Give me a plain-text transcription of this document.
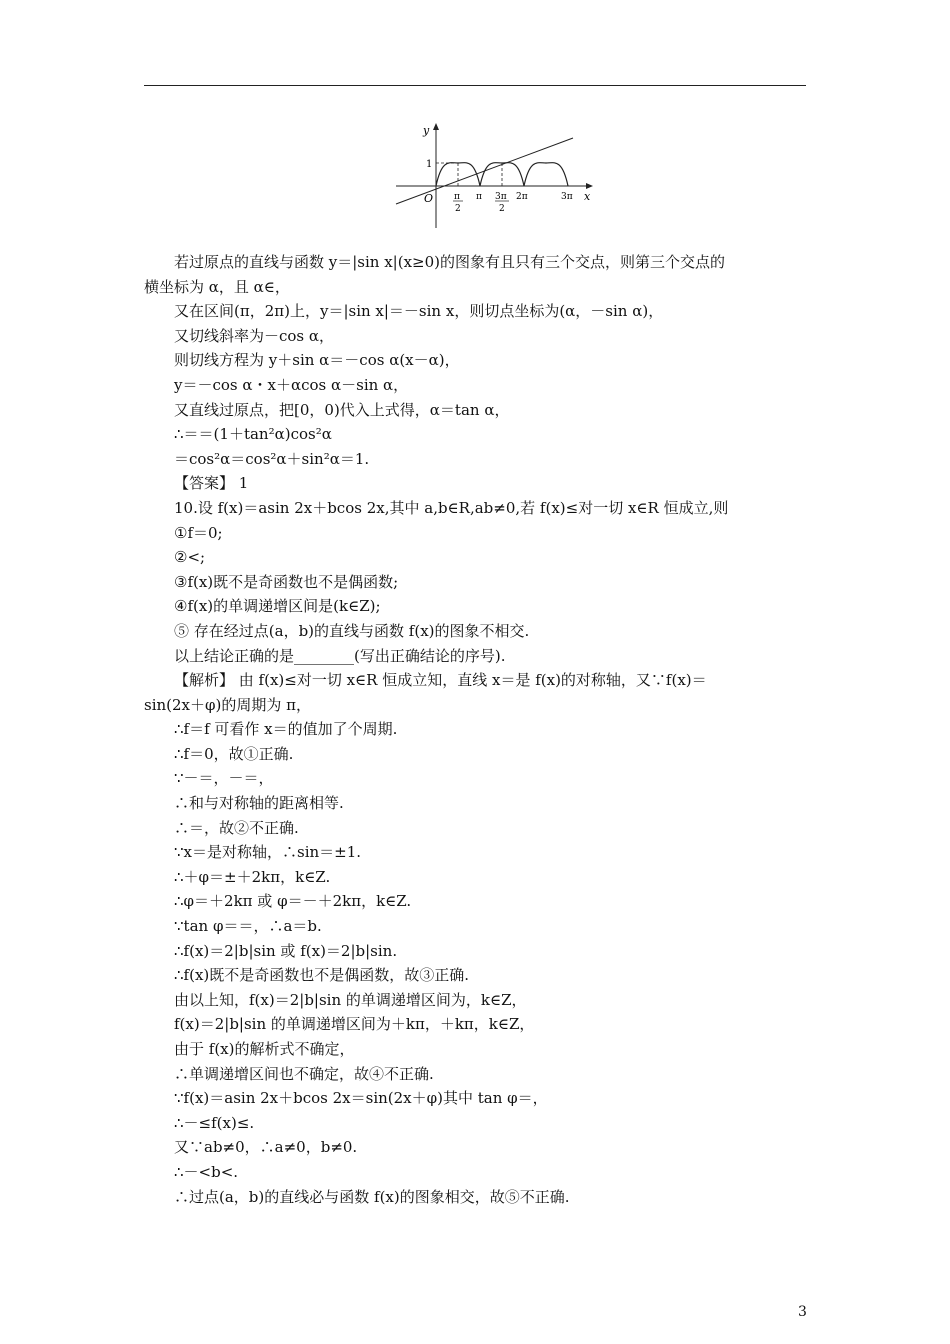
y
x
O
1
π
2
π 3π
2
2π	3π
若过原点的直线与函数 y＝|sin x|(x≥0)的图象有且只有三个交点，则第三个交点的
横坐标为 α，且 α∈，
又在区间(π，2π)上，y＝|sin x|＝－sin x，则切点坐标为(α，－sin α)，
又切线斜率为－cos α，
则切线方程为 y＋sin α＝－cos α(x－α)，
y＝－cos α・x＋αcos α－sin α，
又直线过原点，把[0，0)代入上式得，α＝tan α，
∴＝＝(1＋tan²α)cos²α
＝cos²α＝cos²α＋sin²α＝1.
【答案】 1
10.设 f(x)＝asin 2x＋bcos 2x,其中 a,b∈R,ab≠0,若 f(x)≤对一切 x∈R 恒成立,则
①f＝0;
②<;
③f(x)既不是奇函数也不是偶函数;
④f(x)的单调递增区间是(k∈Z);
⑤ 存在经过点(a，b)的直线与函数 f(x)的图象不相交.
以上结论正确的是________(写出正确结论的序号).
【解析】 由 f(x)≤对一切 x∈R 恒成立知，直线 x＝是 f(x)的对称轴，又∵f(x)＝
sin(2x＋φ)的周期为 π，
∴f＝f 可看作 x＝的值加了个周期.
∴f＝0，故①正确.
∵－＝，－＝，
∴和与对称轴的距离相等.
∴＝，故②不正确.
∵x＝是对称轴，∴sin＝±1.
∴＋φ＝±＋2kπ，k∈Z.
∴φ＝＋2kπ 或 φ＝－＋2kπ，k∈Z.
∵tan φ＝＝，∴a＝b.
∴f(x)＝2|b|sin 或 f(x)＝2|b|sin.
∴f(x)既不是奇函数也不是偶函数，故③正确.
由以上知，f(x)＝2|b|sin 的单调递增区间为，k∈Z，
f(x)＝2|b|sin 的单调递增区间为＋kπ，＋kπ，k∈Z，
由于 f(x)的解析式不确定，
∴单调递增区间也不确定，故④不正确.
∵f(x)＝asin 2x＋bcos 2x＝sin(2x＋φ)其中 tan φ＝，
∴－≤f(x)≤.
又∵ab≠0，∴a≠0，b≠0.
∴－<b<.
∴过点(a，b)的直线必与函数 f(x)的图象相交，故⑤不正确.
3
